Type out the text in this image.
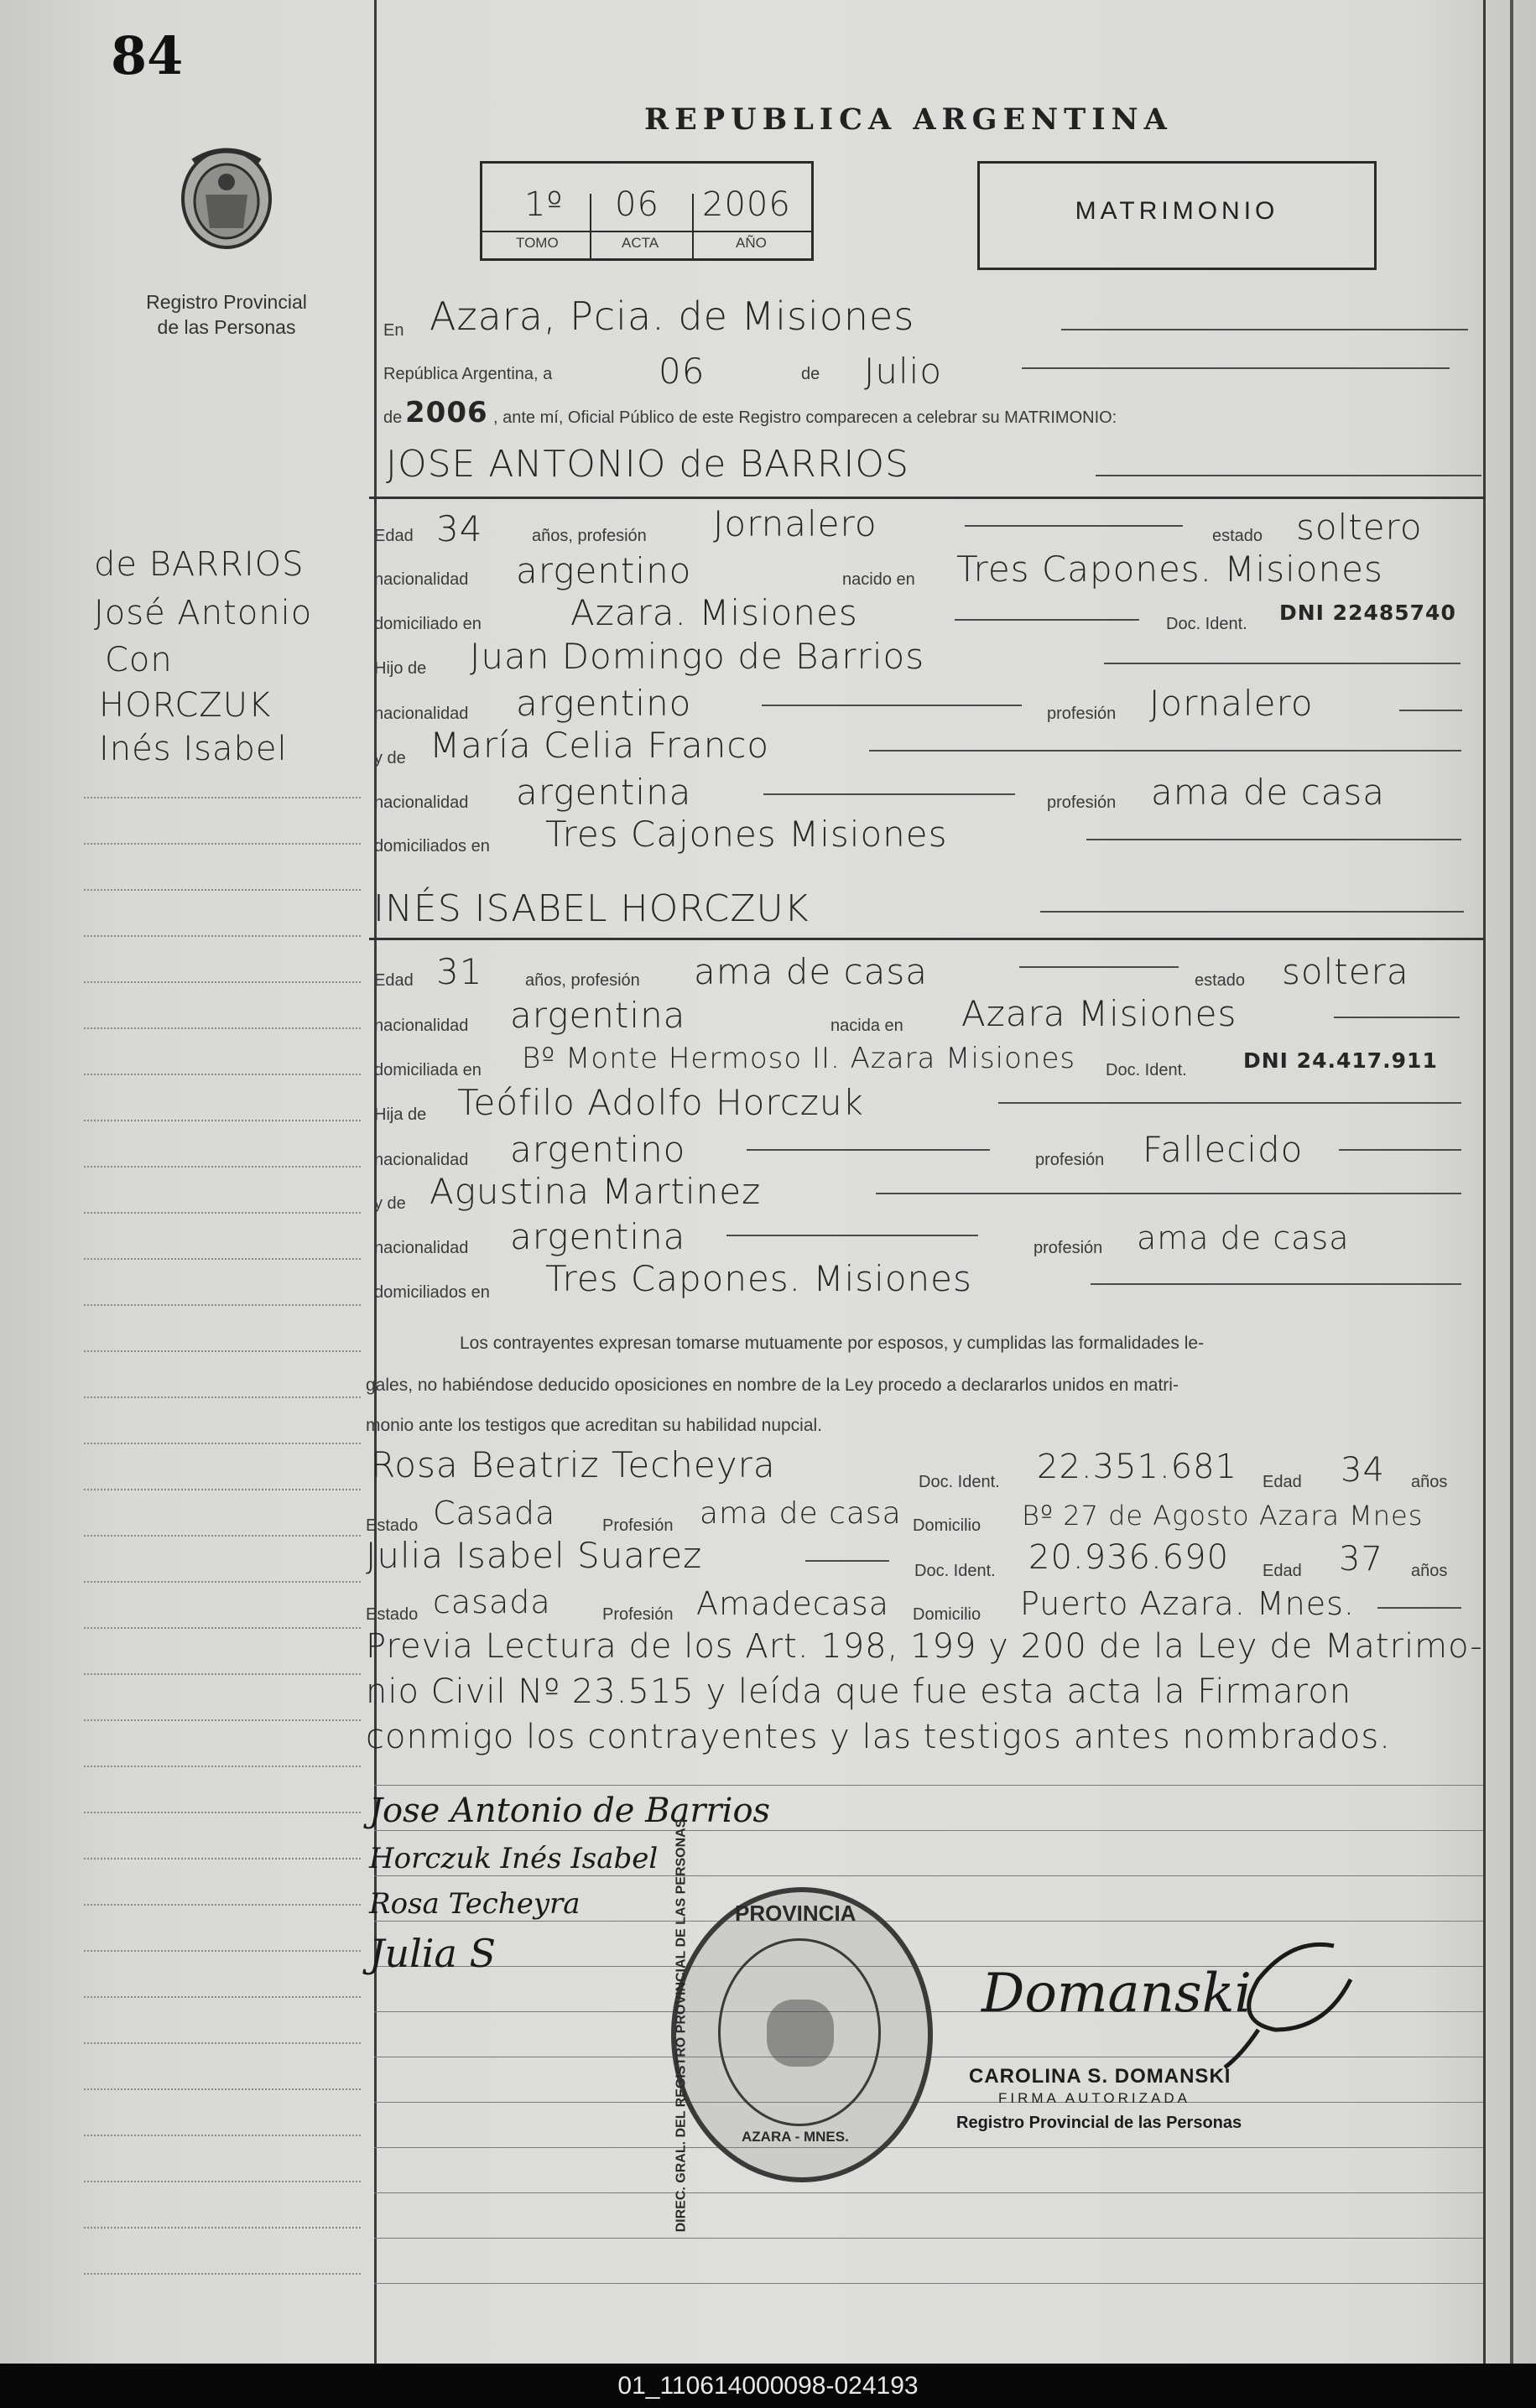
84
Registro Provincial
de las Personas
de BARRIOS
José Antonio
Con
HORCZUK
Inés Isabel
REPUBLICA ARGENTINA
1º 06 2006
TOMO	ACTA	AÑO
MATRIMONIO
En Azara, Pcia. de Misiones
República Argentina, a	06	de Julio
de 2006 , ante mí, Oficial Público de este Registro comparecen a celebrar su MATRIMONIO:
JOSE ANTONIO de BARRIOS
Edad 34	años, profesión Jornalero	estado soltero
nacionalidad argentino	nacido en Tres Capones. Misiones
domiciliado en	Azara. Misiones	Doc. Ident. DNI 22485740
Hijo de Juan Domingo de Barrios
nacionalidad argentino	profesión Jornalero
y de María Celia Franco
nacionalidad argentina	profesión ama de casa
domiciliados en Tres Cajones Misiones
INÉS ISABEL HORCZUK
Edad 31	años, profesión ama de casa	estado soltera
nacionalidad argentina	nacida en Azara Misiones
domiciliada en Bº Monte Hermoso II. Azara Misiones Doc. Ident.	DNI 24.417.911
Hija de Teófilo Adolfo Horczuk
nacionalidad argentino	profesión Fallecido
y de Agustina Martinez
nacionalidad argentina	profesión ama de casa
domiciliados en Tres Capones. Misiones
Los contrayentes expresan tomarse mutuamente por esposos, y cumplidas las formalidades le-
gales, no habiéndose deducido oposiciones en nombre de la Ley procedo a declararlos unidos en matri-
monio ante los testigos que acreditan su habilidad nupcial.
Rosa Beatriz Techeyra	Doc. Ident. 22.351.681 Edad 34 años
Estado Casada	Profesión ama de casa Domicilio Bº 27 de Agosto Azara Mnes
Julia Isabel Suarez	Doc. Ident. 20.936.690 Edad 37 años
Estado casada	Profesión Amadecasa Domicilio Puerto Azara. Mnes.
Previa Lectura de los Art. 198, 199 y 200 de la Ley de Matrimo-
nio Civil Nº 23.515 y leída que fue esta acta la Firmaron
conmigo los contrayentes y las testigos antes nombrados.
Jose Antonio de Barrios
Horczuk Inés Isabel
Rosa Techeyra
Julia S
PROVINCIA
DIREC. GRAL. DEL REGISTRO PROVINCIAL DE LAS PERSONAS	AZARA - MNES.
Domanski
CAROLINA S. DOMANSKI
FIRMA AUTORIZADA
Registro Provincial de las Personas
01_110614000098-024193
